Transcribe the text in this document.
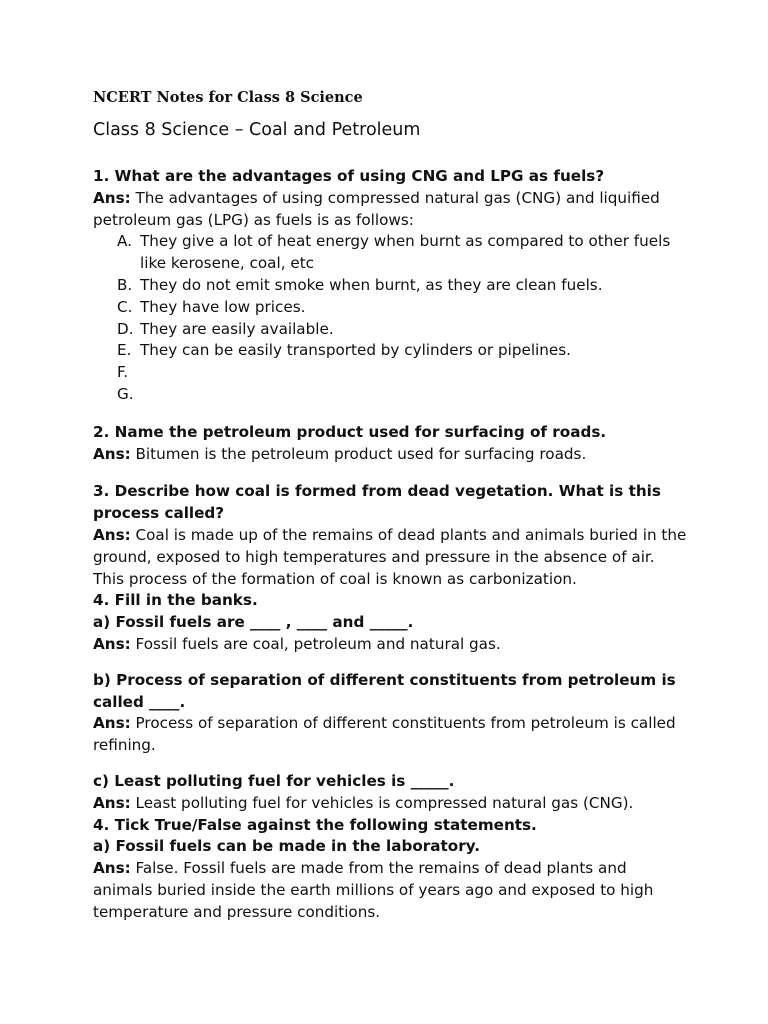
NCERT Notes for Class 8 Science
Class 8 Science – Coal and Petroleum

1. What are the advantages of using CNG and LPG as fuels?

Ans: The advantages of using compressed natural gas (CNG) and liquified petroleum gas (LPG) as fuels is as follows:

A. They give a lot of heat energy when burnt as compared to other fuels like kerosene, coal, etc
B. They do not emit smoke when burnt, as they are clean fuels.
C. They have low prices.
D. They are easily available.
E. They can be easily transported by cylinders or pipelines.
F.

G.

2. Name the petroleum product used for surfacing of roads.

Ans: Bitumen is the petroleum product used for surfacing roads.

3. Describe how coal is formed from dead vegetation. What is this process called?

Ans: Coal is made up of the remains of dead plants and animals buried in the ground, exposed to high temperatures and pressure in the absence of air. This process of the formation of coal is known as carbonization.

4. Fill in the banks.

a) Fossil fuels are ____ , ____ and _____.

Ans: Fossil fuels are coal, petroleum and natural gas.

b) Process of separation of different constituents from petroleum is called ____.

Ans: Process of separation of different constituents from petroleum is called refining.

c) Least polluting fuel for vehicles is _____.

Ans: Least polluting fuel for vehicles is compressed natural gas (CNG).

4. Tick True/False against the following statements.

a) Fossil fuels can be made in the laboratory.

Ans: False. Fossil fuels are made from the remains of dead plants and animals buried inside the earth millions of years ago and exposed to high temperature and pressure conditions.
